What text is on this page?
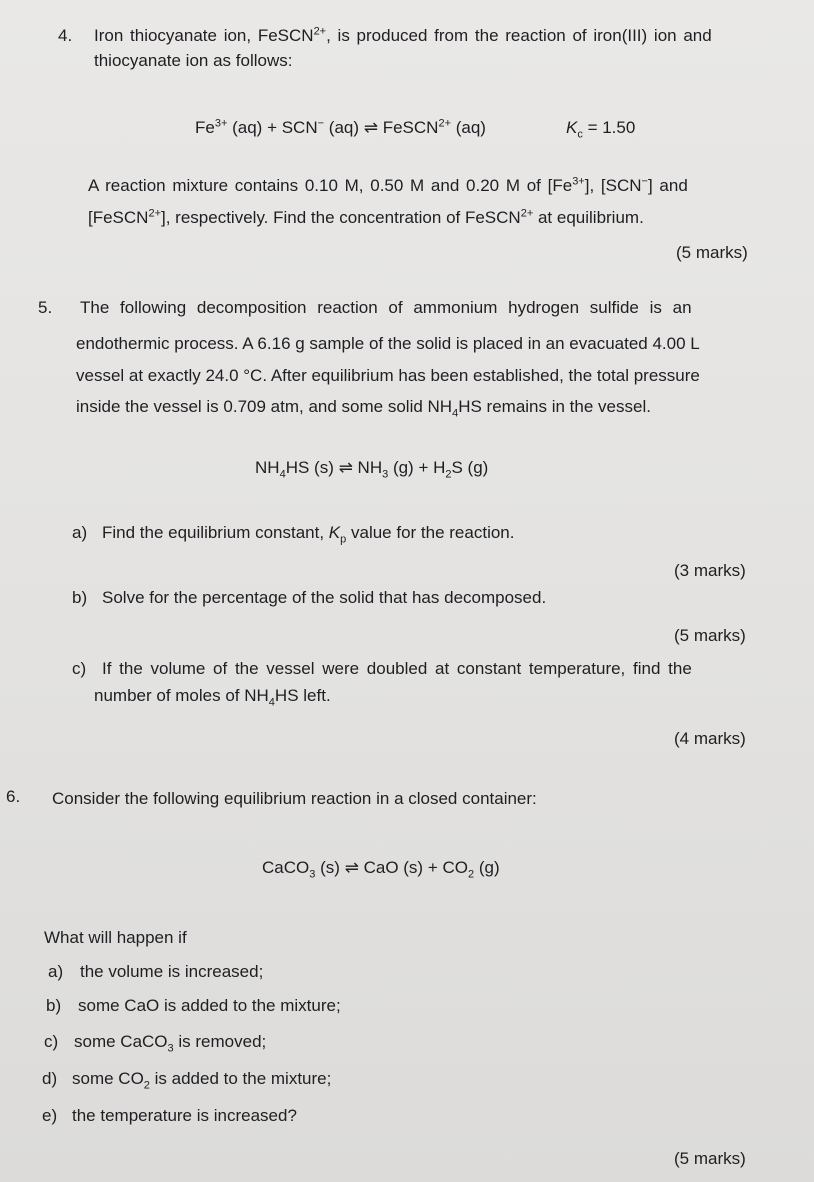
4. Iron thiocyanate ion, FeSCN$^{2+}$, is produced from the reaction of iron(III) ion and
thiocyanate ion as follows:
$Fe^{3+}$ (aq) + SCN− (aq) ⇌ FeSCN$^{2+}$ (aq)	$K_c = 1.50$
A reaction mixture contains 0.10 M, 0.50 M and 0.20 M of $[Fe^{3+}]$, [SCN−] and
[FeSCN$^{2+}$], respectively. Find the concentration of FeSCN$^{2+}$ at equilibrium.
(5 marks)
5. The following decomposition reaction of ammonium hydrogen sulfide is an
endothermic process. A 6.16 g sample of the solid is placed in an evacuated 4.00 L
vessel at exactly 24.0 °C. After equilibrium has been established, the total pressure
inside the vessel is 0.709 atm, and some solid $NH_4HS$ remains in the vessel.
$NH_4HS$ (s) ⇌ $NH_3$ $(g) + H_2S$ (g)
a) Find the equilibrium constant, $K_p$ value for the reaction.
(3 marks)
b) Solve for the percentage of the solid that has decomposed.
(5 marks)
c) If the volume of the vessel were doubled at constant temperature, find the
number of moles of $NH_4HS$ left.
(4 marks)
6. Consider the following equilibrium reaction in a closed container:
CaCO$_3$ (s) ⇌ CaO $(s) + CO_2$ (g)
What will happen if
a) the volume is increased;
b) some CaO is added to the mixture;
c) some CaCO$_3$ is removed;
d) some $CO_2$ is added to the mixture;
e) the temperature is increased?
(5 marks)
